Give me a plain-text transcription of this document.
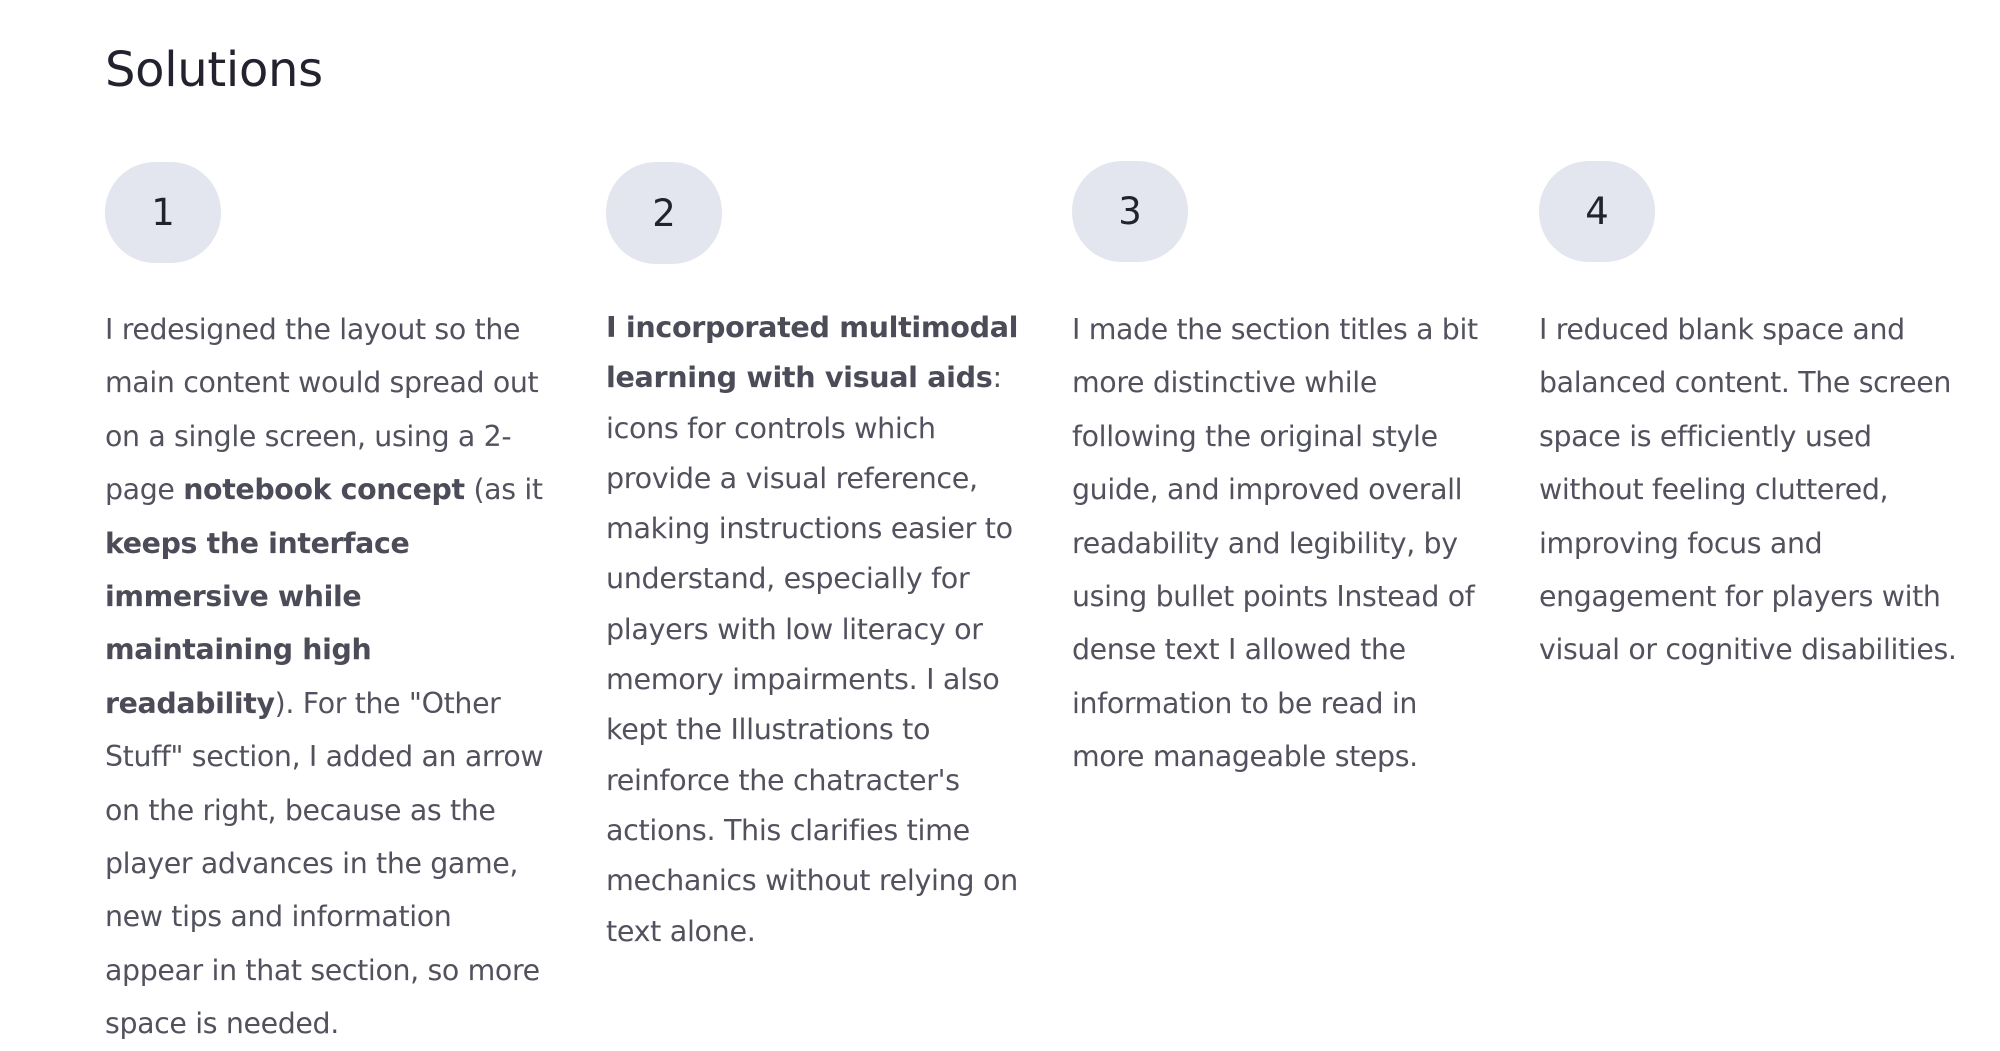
Solutions
1

I redesigned the layout so the main content would spread out on a single screen, using a 2-page notebook concept (as it keeps the interface immersive while maintaining high readability). For the "Other Stuff" section, I added an arrow on the right, because as the player advances in the game, new tips and information appear in that section, so more space is needed.

2

I incorporated multimodal learning with visual aids: icons for controls which provide a visual reference, making instructions easier to understand, especially for players with low literacy or memory impairments. I also kept the Illustrations to reinforce the chatracter's actions. This clarifies time mechanics without relying on text alone.

3

I made the section titles a bit more distinctive while following the original style guide, and improved overall readability and legibility, by using bullet points Instead of dense text I allowed the information to be read in more manageable steps.

4

I reduced blank space and balanced content. The screen space is efficiently used without feeling cluttered, improving focus and engagement for players with visual or cognitive disabilities.
